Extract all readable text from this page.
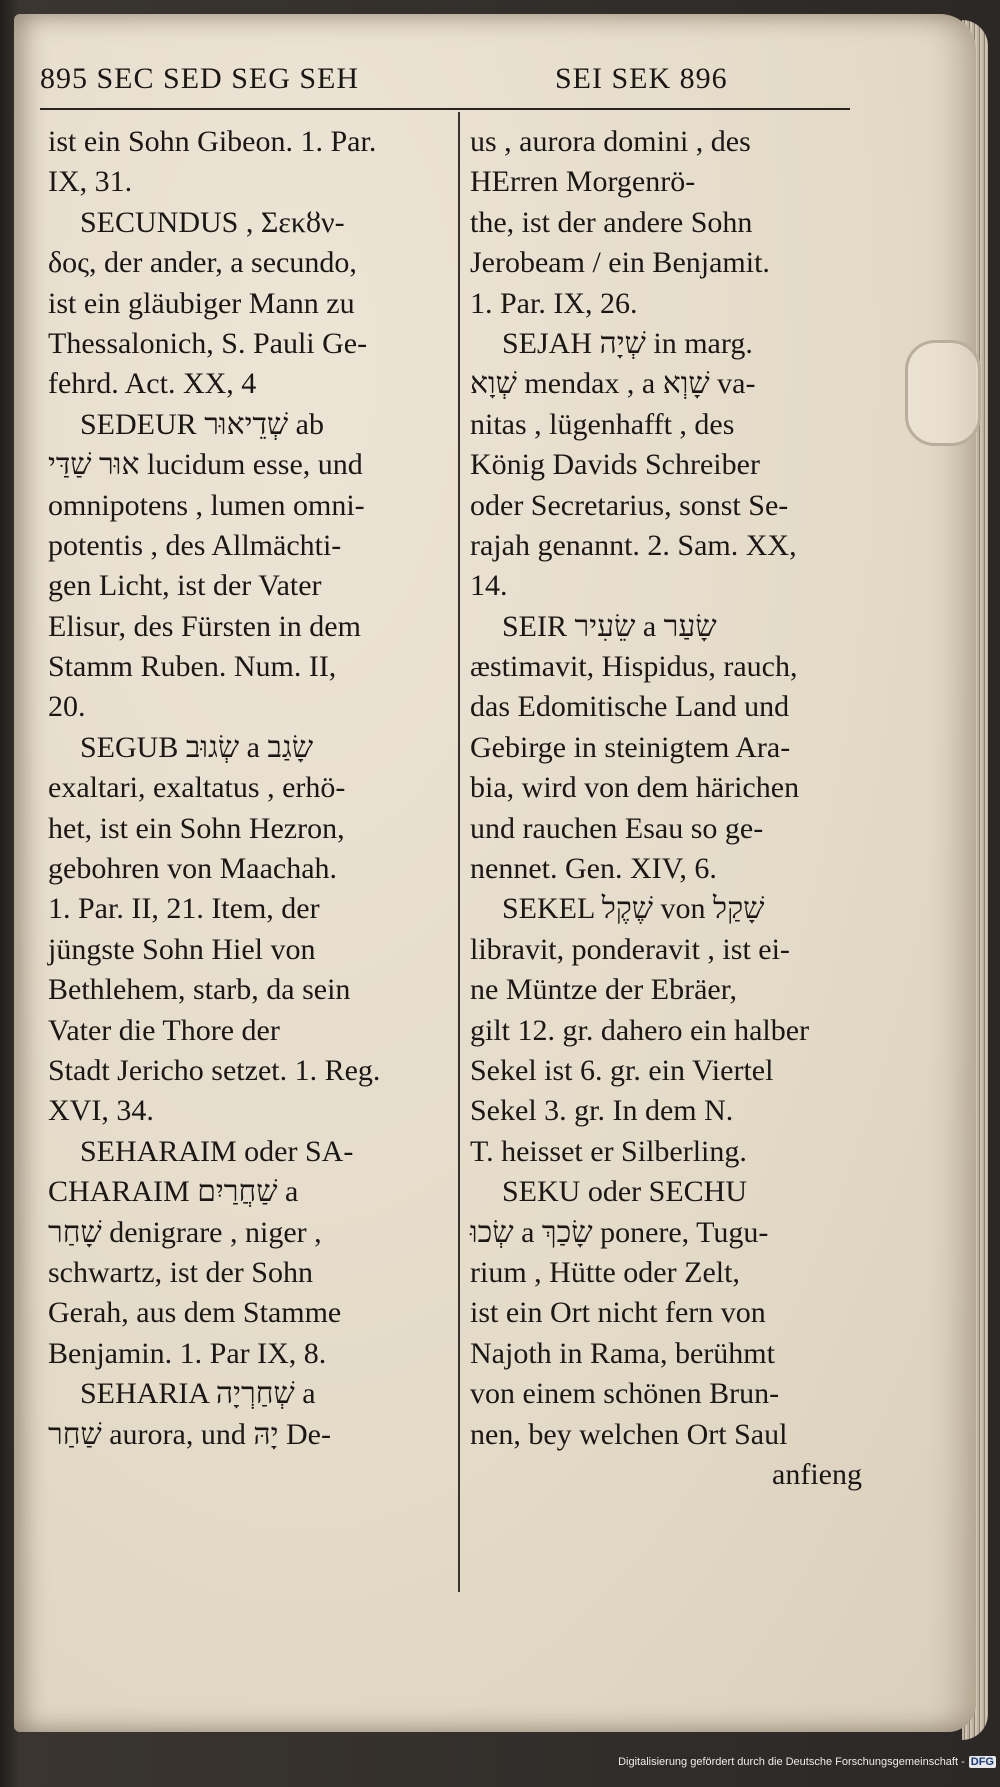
895 SEC SED SEG SEH	SEI SEK 896
ist ein Sohn Gibeon. 1. Par.
IX, 31.
SECUNDUS , Σεκȣν-
δος, der ander, a secundo,
ist ein gläubiger Mann zu
Thessalonich, S. Pauli Ge-
fehrd. Act. XX, 4
SEDEUR שְׁדֵיאוּר ab
אוּר שַׁדַּי lucidum esse, und
omnipotens , lumen omni-
potentis , des Allmächti-
gen Licht, ist der Vater
Elisur, des Fürsten in dem
Stamm Ruben. Num. II,
20.
SEGUB שְׂגוּב a שָׂגַב
exaltari, exaltatus , erhö-
het, ist ein Sohn Hezron,
gebohren von Maachah.
1. Par. II, 21. Item, der
jüngste Sohn Hiel von
Bethlehem, starb, da sein
Vater die Thore der
Stadt Jericho setzet. 1. Reg.
XVI, 34.
SEHARAIM oder SA-
CHARAIM שַׁחֲרַיִם a
שָׁחַר denigrare , niger ,
schwartz, ist der Sohn
Gerah, aus dem Stamme
Benjamin. 1. Par IX, 8.
SEHARIA שְׁחַרְיָה a
שַׁחַר aurora, und יָהּ De-
us , aurora domini , des
HErren Morgenrö-
the, ist der andere Sohn
Jerobeam / ein Benjamit.
1. Par. IX, 26.
SEJAH שְׁיָה in marg.
שְׁוָא mendax , a שָׁוְא va-
nitas , lügenhafft , des
König Davids Schreiber
oder Secretarius, sonst Se-
rajah genannt. 2. Sam. XX,
14.
SEIR שֵׂעִיר a שָׂעַר
æstimavit, Hispidus, rauch,
das Edomitische Land und
Gebirge in steinigtem Ara-
bia, wird von dem härichen
und rauchen Esau so ge-
nennet. Gen. XIV, 6.
SEKEL שֶׁקֶל von שָׁקַל
libravit, ponderavit , ist ei-
ne Müntze der Ebräer,
gilt 12. gr. dahero ein halber
Sekel ist 6. gr. ein Viertel
Sekel 3. gr. In dem N.
T. heisset er Silberling.
SEKU oder SECHU
שְׂכוּ a שָׂכַךְ ponere, Tugu-
rium , Hütte oder Zelt,
ist ein Ort nicht fern von
Najoth in Rama, berühmt
von einem schönen Brun-
nen, bey welchen Ort Saul
anfieng
Digitalisierung gefördert durch die Deutsche Forschungsgemeinschaft - DFG
